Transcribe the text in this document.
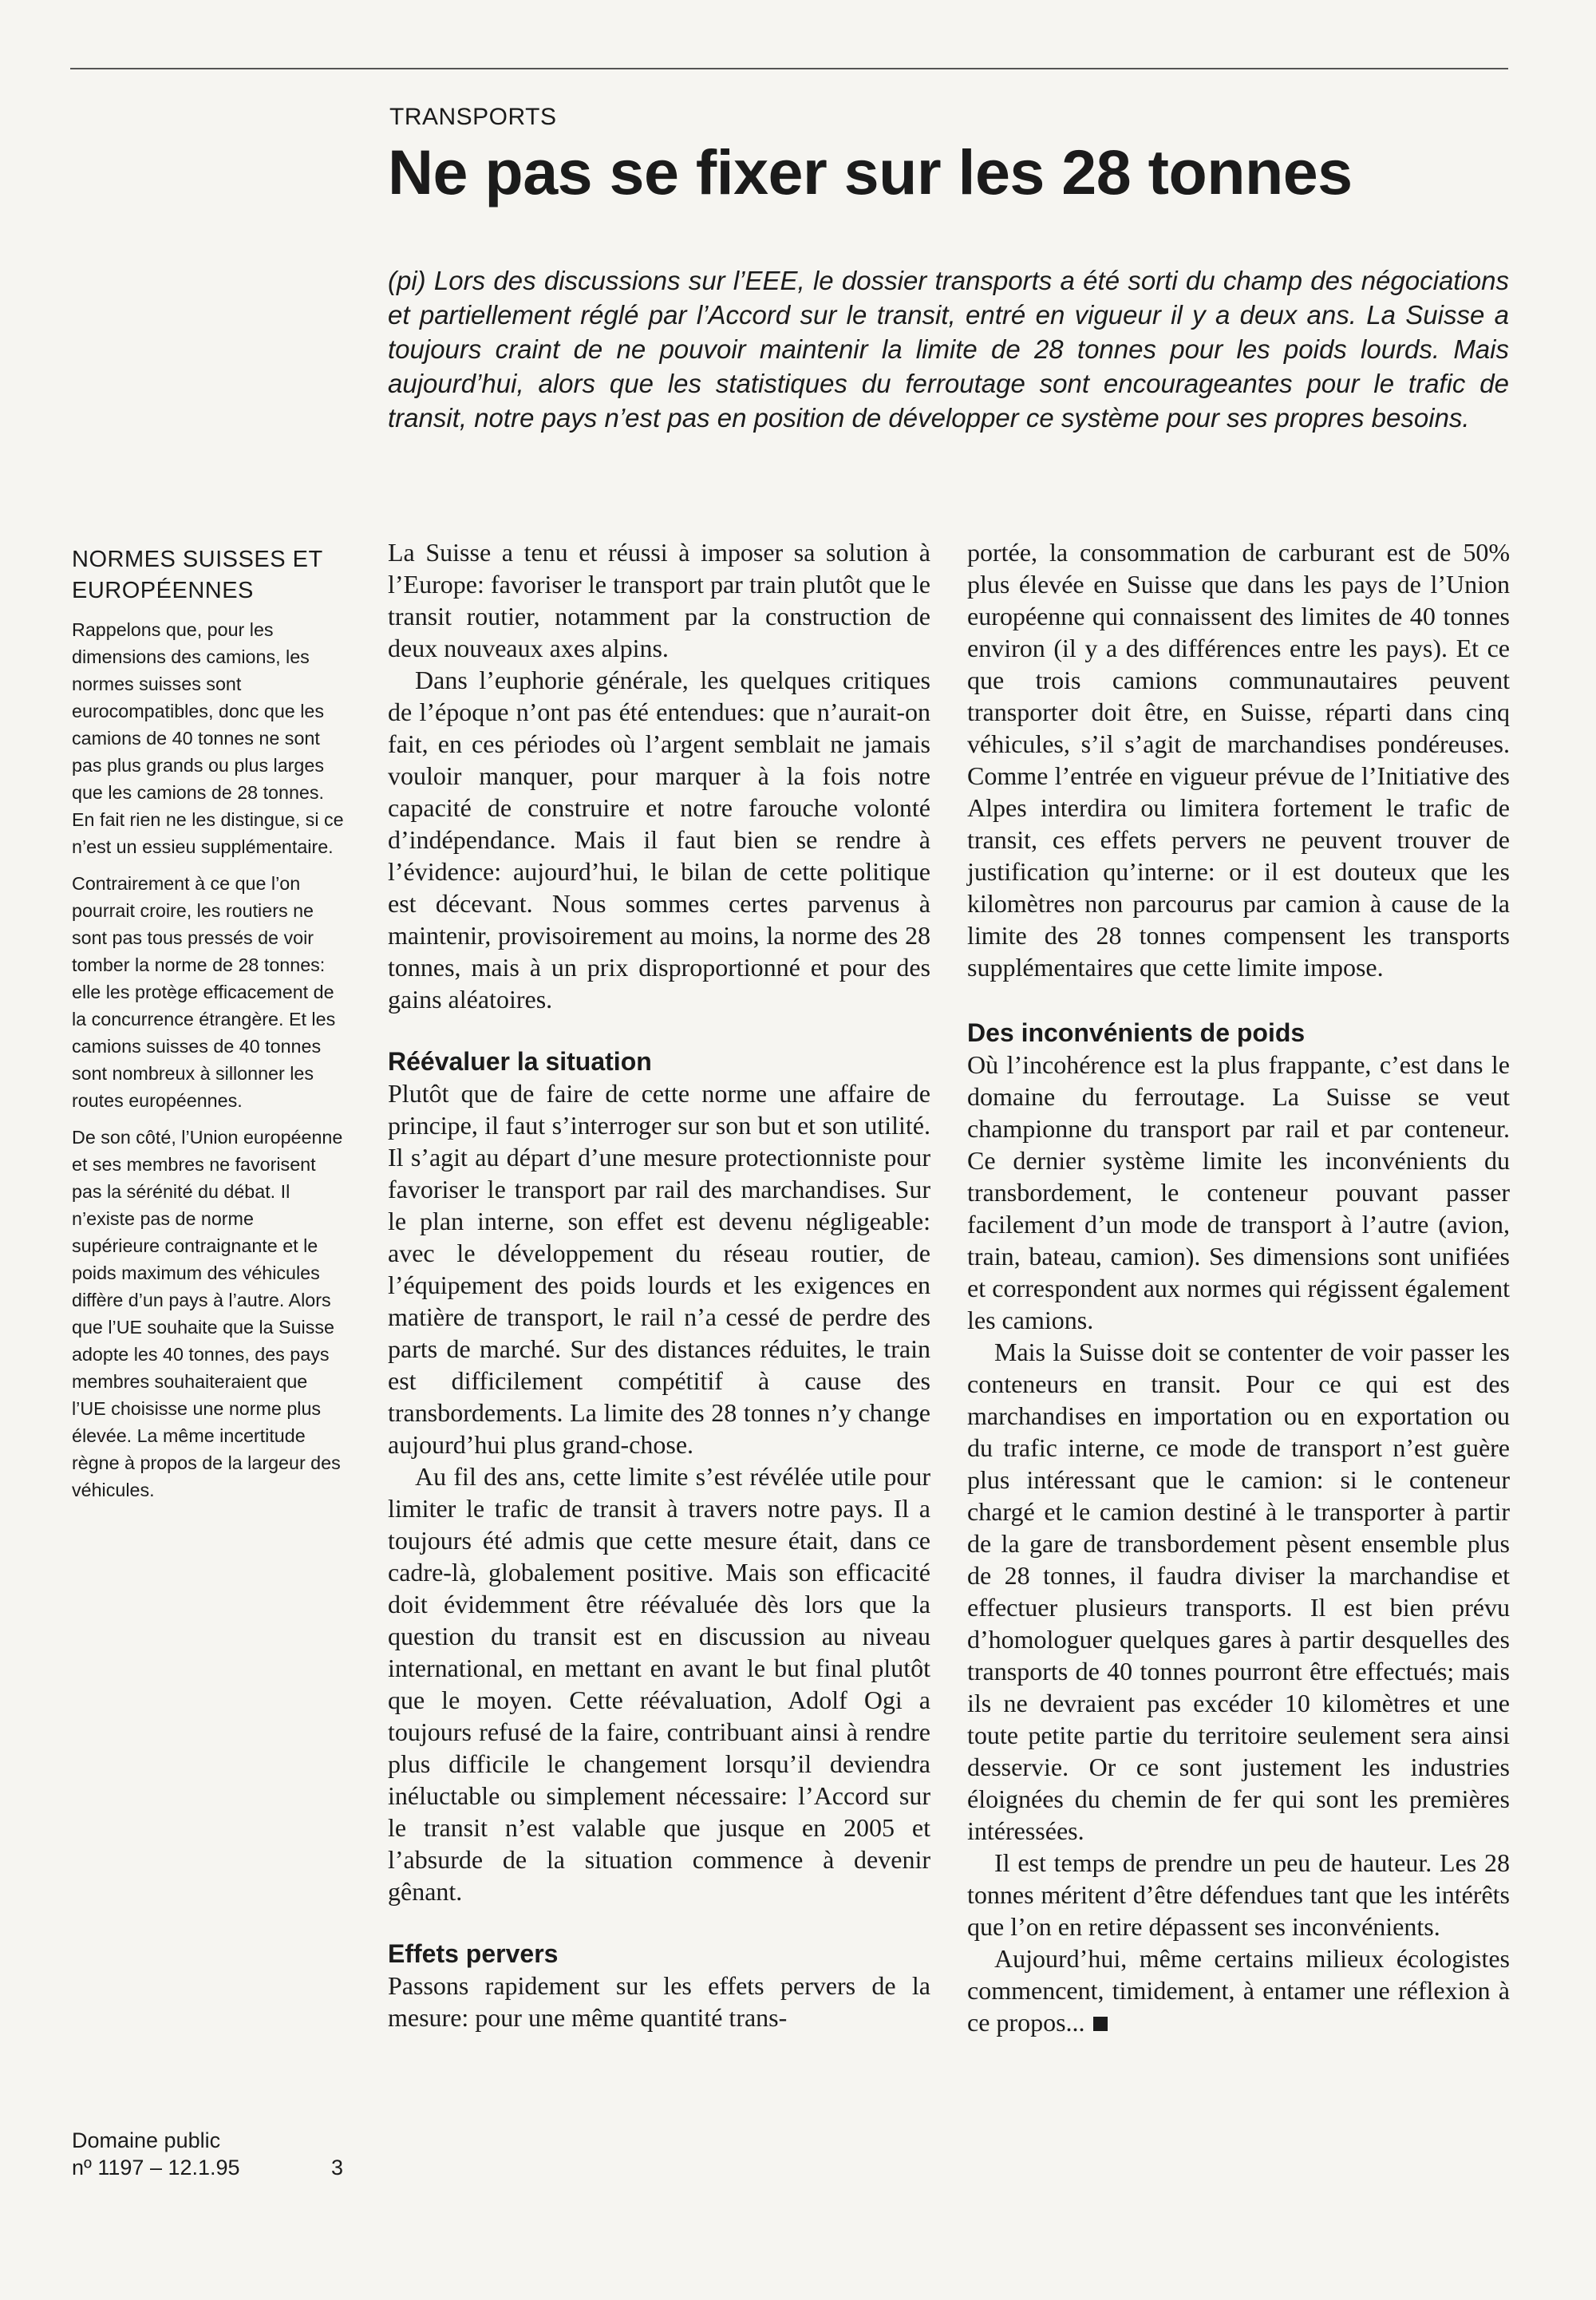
TRANSPORTS
Ne pas se fixer sur les 28 tonnes

(pi) Lors des discussions sur l’EEE, le dossier transports a été sorti du champ des négociations et partiellement réglé par l’Accord sur le transit, entré en vigueur il y a deux ans. La Suisse a toujours craint de ne pouvoir maintenir la limite de 28 tonnes pour les poids lourds. Mais aujourd’hui, alors que les statistiques du ferroutage sont encourageantes pour le trafic de transit, notre pays n’est pas en position de développer ce système pour ses propres besoins.

NORMES SUISSES ET EUROPÉENNES

Rappelons que, pour les dimensions des camions, les normes suisses sont eurocompatibles, donc que les camions de 40 tonnes ne sont pas plus grands ou plus larges que les camions de 28 tonnes. En fait rien ne les distingue, si ce n’est un essieu supplémentaire.

Contrairement à ce que l’on pourrait croire, les routiers ne sont pas tous pressés de voir tomber la norme de 28 tonnes: elle les protège efficacement de la concurrence étrangère. Et les camions suisses de 40 tonnes sont nombreux à sillonner les routes européennes.

De son côté, l’Union européenne et ses membres ne favorisent pas la sérénité du débat. Il n’existe pas de norme supérieure contraignante et le poids maximum des véhicules diffère d’un pays à l’autre. Alors que l’UE souhaite que la Suisse adopte les 40 tonnes, des pays membres souhaiteraient que l’UE choisisse une norme plus élevée. La même incertitude règne à propos de la largeur des véhicules.

La Suisse a tenu et réussi à imposer sa solution à l’Europe: favoriser le transport par train plutôt que le transit routier, notamment par la construction de deux nouveaux axes alpins.

Dans l’euphorie générale, les quelques critiques de l’époque n’ont pas été entendues: que n’aurait-on fait, en ces périodes où l’argent semblait ne jamais vouloir manquer, pour marquer à la fois notre capacité de construire et notre farouche volonté d’indépendance. Mais il faut bien se rendre à l’évidence: aujourd’hui, le bilan de cette politique est décevant. Nous sommes certes parvenus à maintenir, provisoirement au moins, la norme des 28 tonnes, mais à un prix disproportionné et pour des gains aléatoires.

Réévaluer la situation

Plutôt que de faire de cette norme une affaire de principe, il faut s’interroger sur son but et son utilité. Il s’agit au départ d’une mesure protectionniste pour favoriser le transport par rail des marchandises. Sur le plan interne, son effet est devenu négligeable: avec le développement du réseau routier, de l’équipement des poids lourds et les exigences en matière de transport, le rail n’a cessé de perdre des parts de marché. Sur des distances réduites, le train est difficilement compétitif à cause des transbordements. La limite des 28 tonnes n’y change aujourd’hui plus grand-chose.

Au fil des ans, cette limite s’est révélée utile pour limiter le trafic de transit à travers notre pays. Il a toujours été admis que cette mesure était, dans ce cadre-là, globalement positive. Mais son efficacité doit évidemment être réévaluée dès lors que la question du transit est en discussion au niveau international, en mettant en avant le but final plutôt que le moyen. Cette réévaluation, Adolf Ogi a toujours refusé de la faire, contribuant ainsi à rendre plus difficile le changement lorsqu’il deviendra inéluctable ou simplement nécessaire: l’Accord sur le transit n’est valable que jusque en 2005 et l’absurde de la situation commence à devenir gênant.

Effets pervers

Passons rapidement sur les effets pervers de la mesure: pour une même quantité trans-

portée, la consommation de carburant est de 50% plus élevée en Suisse que dans les pays de l’Union européenne qui connaissent des limites de 40 tonnes environ (il y a des différences entre les pays). Et ce que trois camions communautaires peuvent transporter doit être, en Suisse, réparti dans cinq véhicules, s’il s’agit de marchandises pondéreuses. Comme l’entrée en vigueur prévue de l’Initiative des Alpes interdira ou limitera fortement le trafic de transit, ces effets pervers ne peuvent trouver de justification qu’interne: or il est douteux que les kilomètres non parcourus par camion à cause de la limite des 28 tonnes compensent les transports supplémentaires que cette limite impose.

Des inconvénients de poids

Où l’incohérence est la plus frappante, c’est dans le domaine du ferroutage. La Suisse se veut championne du transport par rail et par conteneur. Ce dernier système limite les inconvénients du transbordement, le conteneur pouvant passer facilement d’un mode de transport à l’autre (avion, train, bateau, camion). Ses dimensions sont unifiées et correspondent aux normes qui régissent également les camions.

Mais la Suisse doit se contenter de voir passer les conteneurs en transit. Pour ce qui est des marchandises en importation ou en exportation ou du trafic interne, ce mode de transport n’est guère plus intéressant que le camion: si le conteneur chargé et le camion destiné à le transporter à partir de la gare de transbordement pèsent ensemble plus de 28 tonnes, il faudra diviser la marchandise et effectuer plusieurs transports. Il est bien prévu d’homologuer quelques gares à partir desquelles des transports de 40 tonnes pourront être effectués; mais ils ne devraient pas excéder 10 kilomètres et une toute petite partie du territoire seulement sera ainsi desservie. Or ce sont justement les industries éloignées du chemin de fer qui sont les premières intéressées.

Il est temps de prendre un peu de hauteur. Les 28 tonnes méritent d’être défendues tant que les intérêts que l’on en retire dépassent ses inconvénients.

Aujourd’hui, même certains milieux écologistes commencent, timidement, à entamer une réflexion à ce propos...

Domaine public
nº 1197 – 12.1.95	3
